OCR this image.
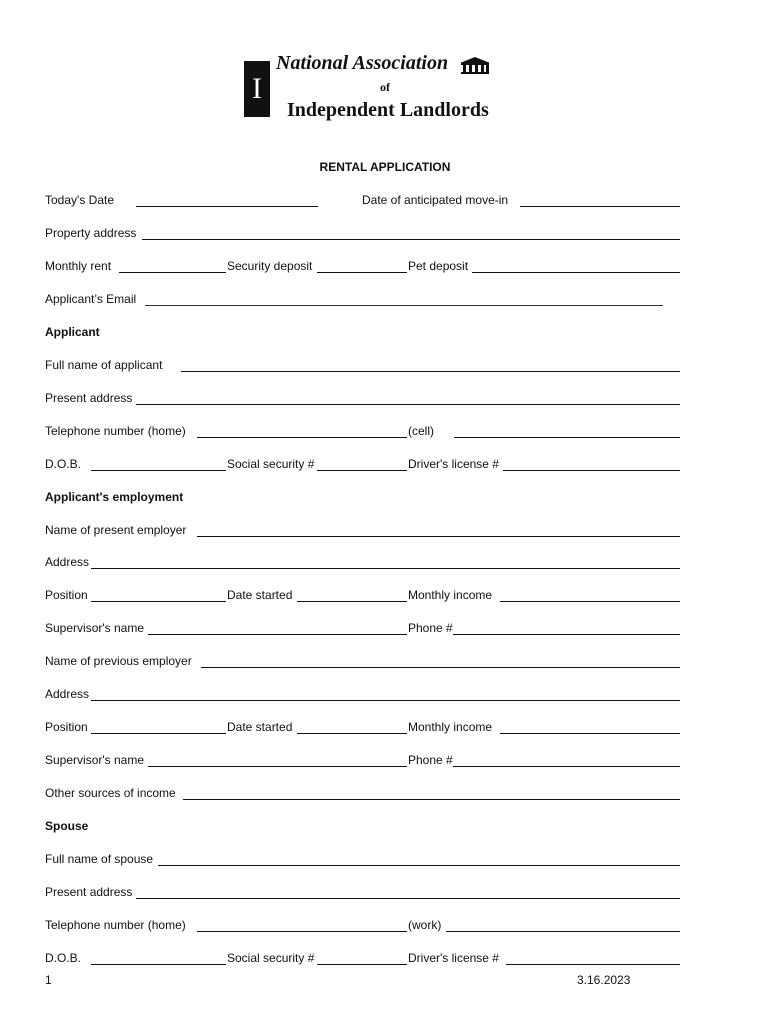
I
National Association
of
Independent Landlords
RENTAL APPLICATION
Today's Date	Date of anticipated move-in
Property address
Monthly rent	Security deposit	Pet deposit
Applicant’s Email
Applicant
Full name of applicant
Present address
Telephone number (home)	(cell)
D.O.B.	Social security #	Driver's license #
Applicant's employment
Name of present employer
Address
Position	Date started	Monthly income
Supervisor's name	Phone #
Name of previous employer
Address
Position	Date started	Monthly income
Supervisor's name	Phone #
Other sources of income
Spouse
Full name of spouse
Present address
Telephone number (home)	(work)
D.O.B.	Social security #	Driver's license #
1	3.16.2023
